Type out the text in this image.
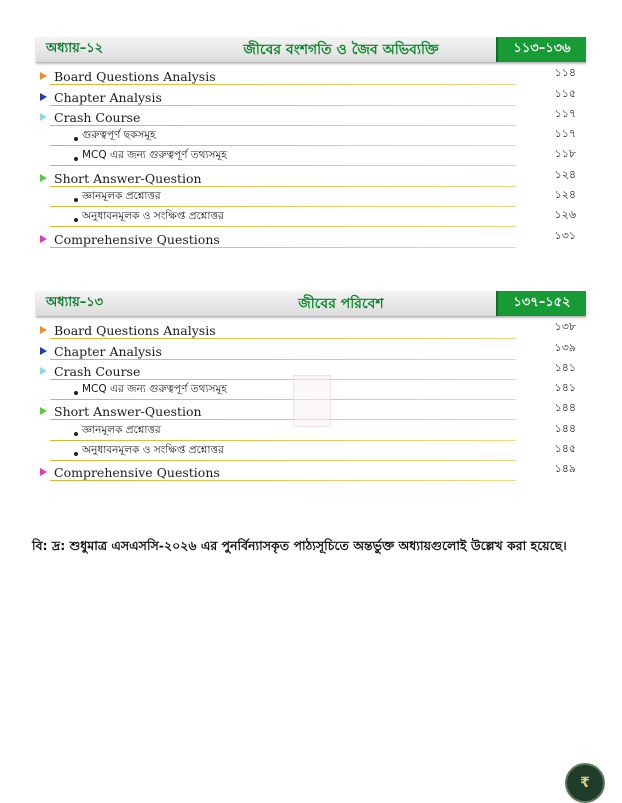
অধ্যায়–১২	জীবের বংশগতি ও জৈব অভিব্যক্তি	১১৩–১৩৬
Board Questions Analysis	১১৪
Chapter Analysis	১১৫
Crash Course	১১৭
গুরুত্বপূর্ণ ছকসমূহ	১১৭
MCQ এর জন্য গুরুত্বপূর্ণ তথ্যসমূহ	১১৮
Short Answer-Question	১২৪
জ্ঞানমূলক প্রশ্নোত্তর	১২৪
অনুধাবনমূলক ও সংক্ষিপ্ত প্রশ্নোত্তর	১২৬
Comprehensive Questions	১৩১
অধ্যায়–১৩	জীবের পরিবেশ	১৩৭–১৫২
Board Questions Analysis	১৩৮
Chapter Analysis	১৩৯
Crash Course	১৪১
MCQ এর জন্য গুরুত্বপূর্ণ তথ্যসমূহ	১৪১
Short Answer-Question	১৪৪
জ্ঞানমূলক প্রশ্নোত্তর	১৪৪
অনুধাবনমূলক ও সংক্ষিপ্ত প্রশ্নোত্তর	১৪৫
Comprehensive Questions	১৪৯
বি: দ্র: শুধুমাত্র এসএসসি-২০২৬ এর পুনর্বিন্যাসকৃত পাঠ্যসূচিতে অন্তর্ভুক্ত অধ্যায়গুলোই উল্লেখ করা হয়েছে।
₹
